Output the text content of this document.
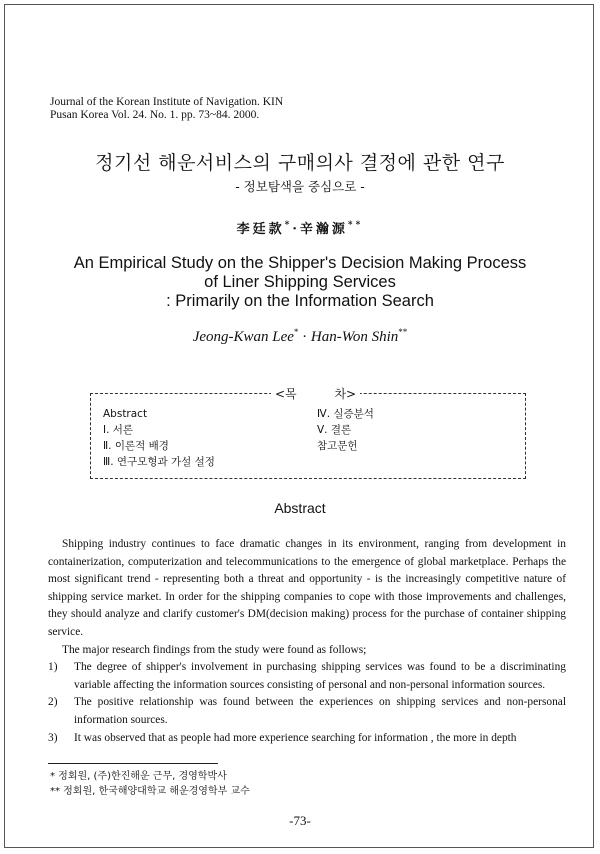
Journal of the Korean Institute of Navigation. KIN
Pusan Korea Vol. 24. No. 1. pp. 73~84. 2000.
정기선 해운서비스의 구매의사 결정에 관한 연구
- 정보탐색을 중심으로 -
李廷款*·辛瀚源**
An Empirical Study on the Shipper's Decision Making Process
of Liner Shipping Services
: Primarily on the Information Search
Jeong-Kwan Lee* · Han-Won Shin**
<목 차>
Abstract
Ⅰ. 서론
Ⅱ. 이론적 배경
Ⅲ. 연구모형과 가설 설정
Ⅳ. 실증분석
Ⅴ. 결론
참고문헌
Abstract

Shipping industry continues to face dramatic changes in its environment, ranging from development in containerization, computerization and telecommunications to the emergence of global marketplace. Perhaps the most significant trend - representing both a threat and opportunity - is the increasingly competitive nature of shipping service market. In order for the shipping companies to cope with those improvements and challenges, they should analyze and clarify customer's DM(decision making) process for the purchase of container shipping service.

The major research findings from the study were found as follows;

1) The degree of shipper's involvement in purchasing shipping services was found to be a discriminating variable affecting the information sources consisting of personal and non-personal information sources.
2) The positive relationship was found between the experiences on shipping services and non-personal information sources.
3) It was observed that as people had more experience searching for information , the more in depth
* 정회원, (주)한진해운 근무, 경영학박사
** 정회원, 한국해양대학교 해운경영학부 교수
-73-
